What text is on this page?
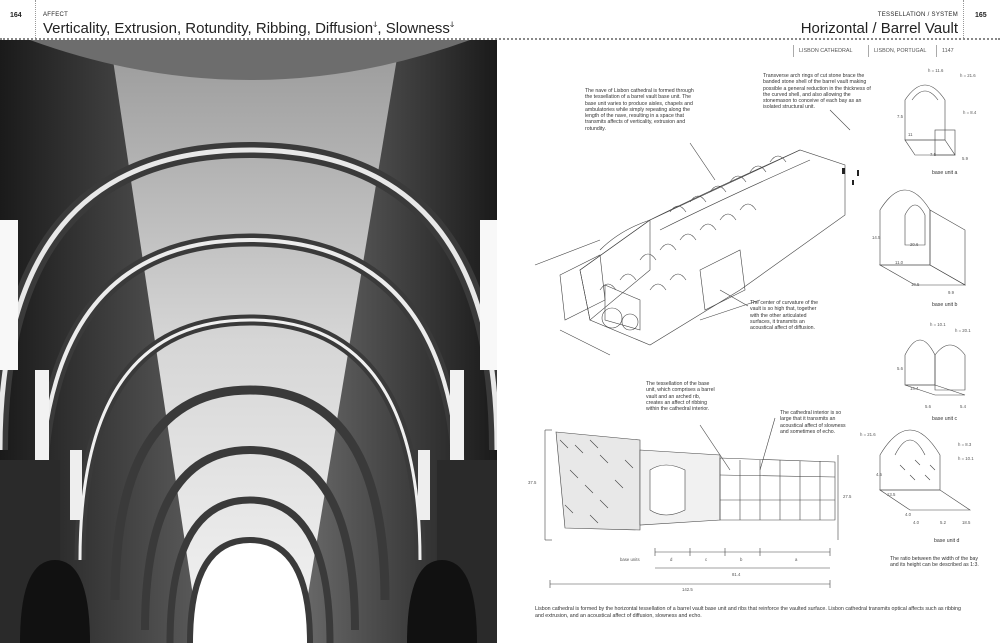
164	AFFECT
Verticality, Extrusion, Rotundity, Ribbing, Diffusion$^ↆ$, Slowness$^ↆ$
TESSELLATION / SYSTEM
Horizontal / Barrel Vault
165
LISBON CATHEDRAL	LISBON, PORTUGAL	1147
The nave of Lisbon cathedral is formed through the tessellation of a barrel vault base unit. The base unit varies to produce aisles, chapels and ambulatories while simply repeating along the length of the nave, resulting in a space that transmits affects of verticality, extrusion and rotundity.
Transverse arch rings of cut stone brace the banded stone shell of the barrel vault making possible a general reduction in the thickness of the curved shell, and also allowing the stonemason to conceive of each bay as an isolated structural unit.
The center of curvature of the vault is so high that, together with the other articulated surfaces, it transmits an acoustical affect of diffusion.
The tessellation of the base unit, which comprises a barrel vault and an arched rib, creates an affect of ribbing within the cathedral interior.
The cathedral interior is so large that it transmits an acoustical affect of slowness and sometimes of echo.
The ratio between the width of the bay and its height can be described as 1:3.
base unit a
h = 11.6
h = 21.6
h = 8.4
7.5
11
7.5
5.9
base unit b
14.5
20.6
11.0
10.5
9.9
base unit c
h = 10.1
h = 20.1
5.6
14.4
5.6	5.4
base unit d
h = 21.6
h = 8.3
h = 10.1
4.5
13.5
4.0
4.0	5.2	18.5
37.5
27.5
base units	d	c	b	a
81.4
142.5
Lisbon cathedral is formed by the horizontal tessellation of a barrel vault base unit and ribs that reinforce the vaulted surface. Lisbon cathedral transmits optical affects such as ribbing and extrusion, and an acoustical affect of diffusion, slowness and echo.
